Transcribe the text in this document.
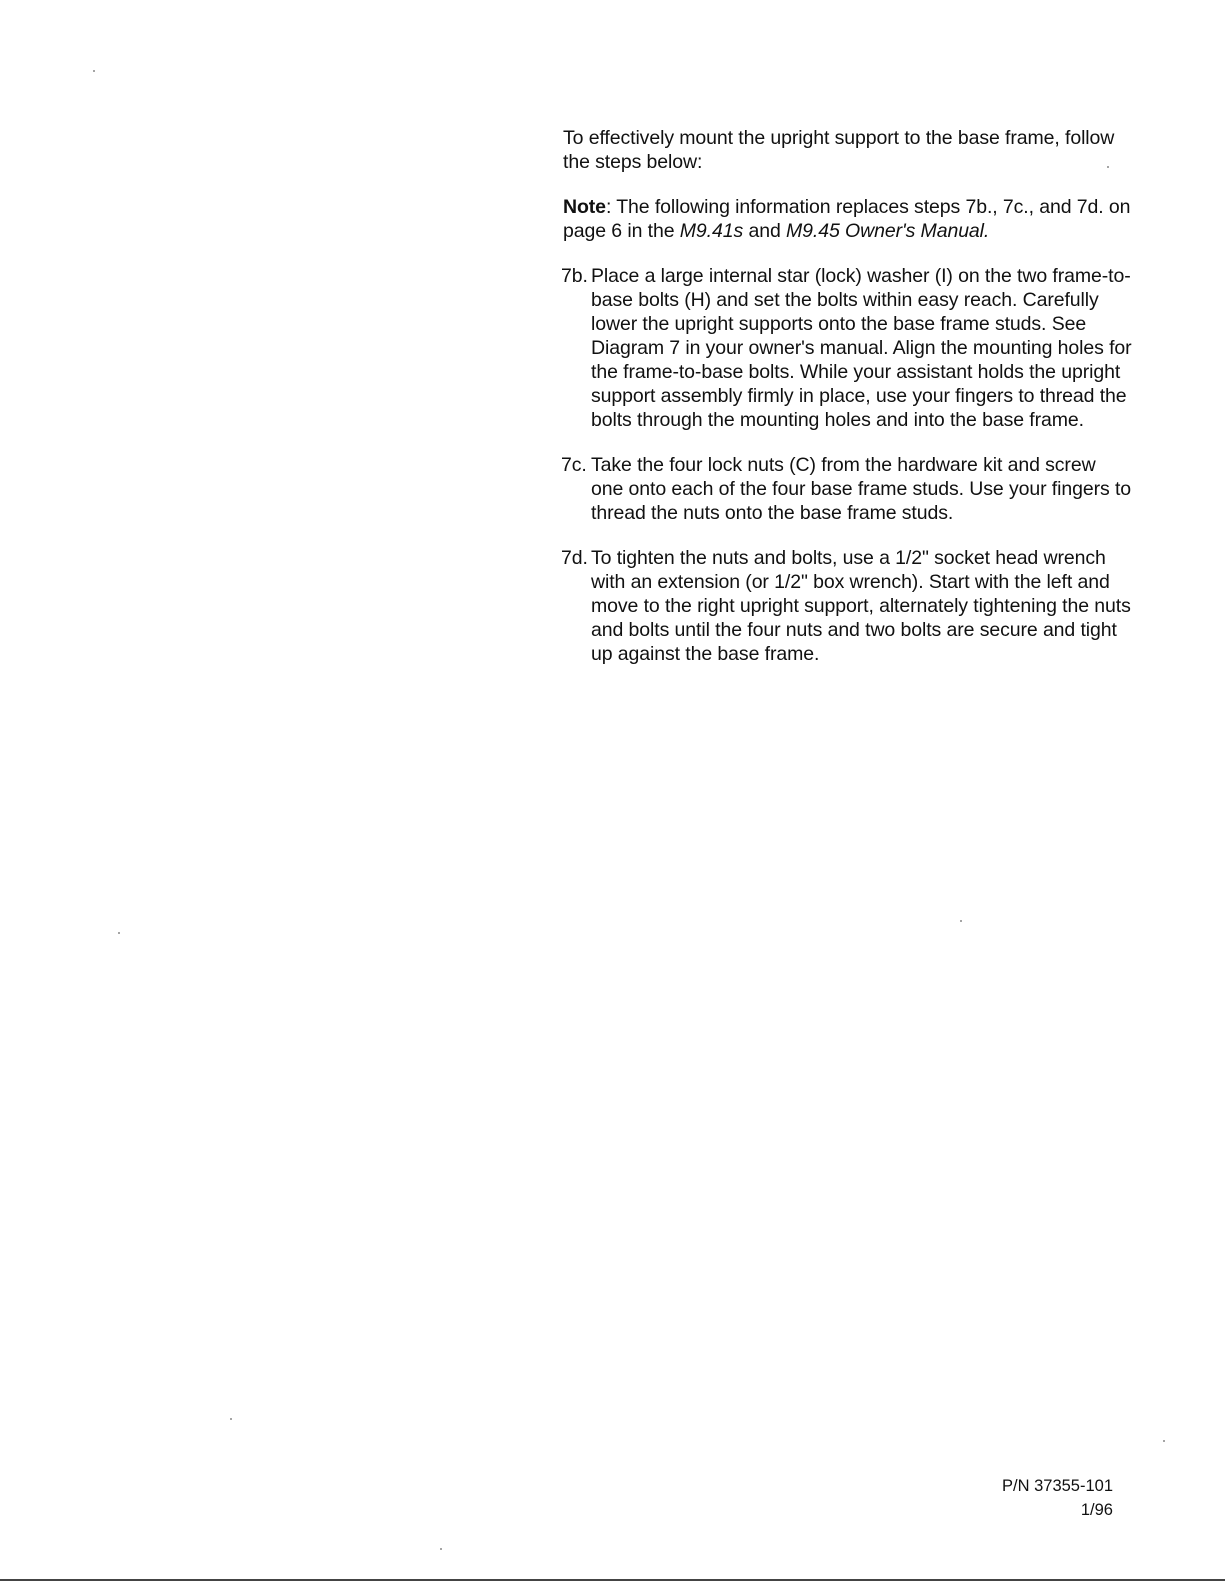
To effectively mount the upright support to the base frame, follow the steps below:

Note: The following information replaces steps 7b., 7c., and 7d. on page 6 in the M9.41s and M9.45 Owner's Manual.

7b. Place a large internal star (lock) washer (I) on the two frame-to-base bolts (H) and set the bolts within easy reach. Carefully lower the upright supports onto the base frame studs. See Diagram 7 in your owner's manual. Align the mounting holes for the frame-to-base bolts. While your assistant holds the upright support assembly firmly in place, use your fingers to thread the bolts through the mounting holes and into the base frame.
7c. Take the four lock nuts (C) from the hardware kit and screw one onto each of the four base frame studs. Use your fingers to thread the nuts onto the base frame studs.
7d. To tighten the nuts and bolts, use a 1/2" socket head wrench with an extension (or 1/2" box wrench). Start with the left and move to the right upright support, alternately tightening the nuts and bolts until the four nuts and two bolts are secure and tight up against the base frame.
P/N 37355-101
1/96
